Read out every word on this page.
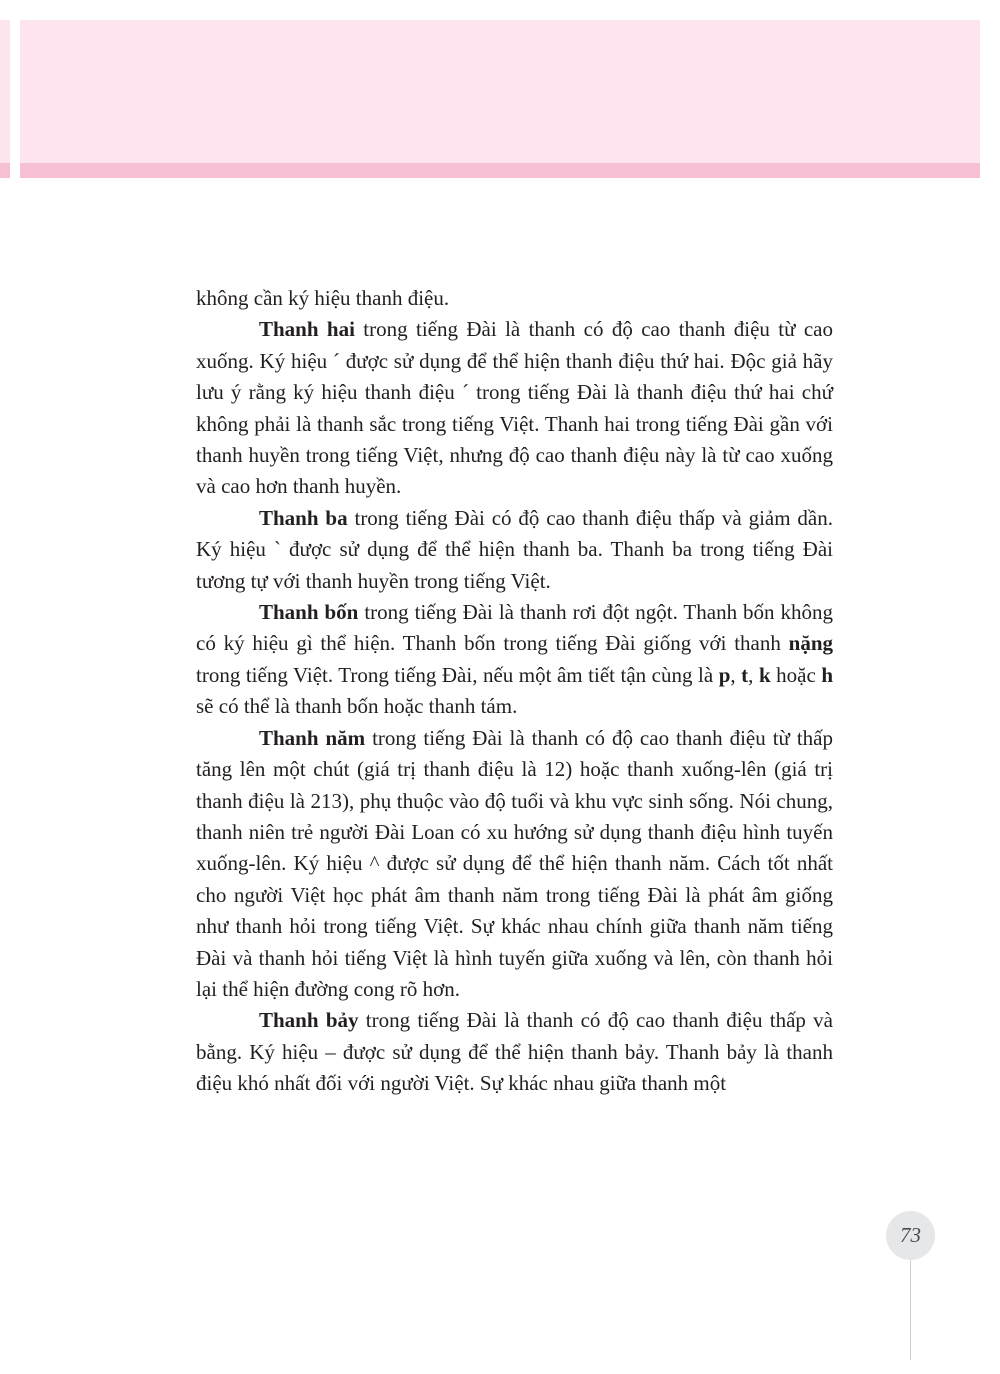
không cần ký hiệu thanh điệu.

Thanh hai trong tiếng Đài là thanh có độ cao thanh điệu từ cao xuống. Ký hiệu ´ được sử dụng để thể hiện thanh điệu thứ hai. Độc giả hãy lưu ý rằng ký hiệu thanh điệu ´ trong tiếng Đài là thanh điệu thứ hai chứ không phải là thanh sắc trong tiếng Việt. Thanh hai trong tiếng Đài gần với thanh huyền trong tiếng Việt, nhưng độ cao thanh điệu này là từ cao xuống và cao hơn thanh huyền.

Thanh ba trong tiếng Đài có độ cao thanh điệu thấp và giảm dần. Ký hiệu ` được sử dụng để thể hiện thanh ba. Thanh ba trong tiếng Đài tương tự với thanh huyền trong tiếng Việt.

Thanh bốn trong tiếng Đài là thanh rơi đột ngột. Thanh bốn không có ký hiệu gì thể hiện. Thanh bốn trong tiếng Đài giống với thanh nặng trong tiếng Việt. Trong tiếng Đài, nếu một âm tiết tận cùng là p, t, k hoặc h sẽ có thể là thanh bốn hoặc thanh tám.

Thanh năm trong tiếng Đài là thanh có độ cao thanh điệu từ thấp tăng lên một chút (giá trị thanh điệu là 12) hoặc thanh xuống-lên (giá trị thanh điệu là 213), phụ thuộc vào độ tuổi và khu vực sinh sống. Nói chung, thanh niên trẻ người Đài Loan có xu hướng sử dụng thanh điệu hình tuyến xuống-lên. Ký hiệu ^ được sử dụng để thể hiện thanh năm. Cách tốt nhất cho người Việt học phát âm thanh năm trong tiếng Đài là phát âm giống như thanh hỏi trong tiếng Việt. Sự khác nhau chính giữa thanh năm tiếng Đài và thanh hỏi tiếng Việt là hình tuyến giữa xuống và lên, còn thanh hỏi lại thể hiện đường cong rõ hơn.

Thanh bảy trong tiếng Đài là thanh có độ cao thanh điệu thấp và bằng. Ký hiệu – được sử dụng để thể hiện thanh bảy. Thanh bảy là thanh điệu khó nhất đối với người Việt. Sự khác nhau giữa thanh một

73
